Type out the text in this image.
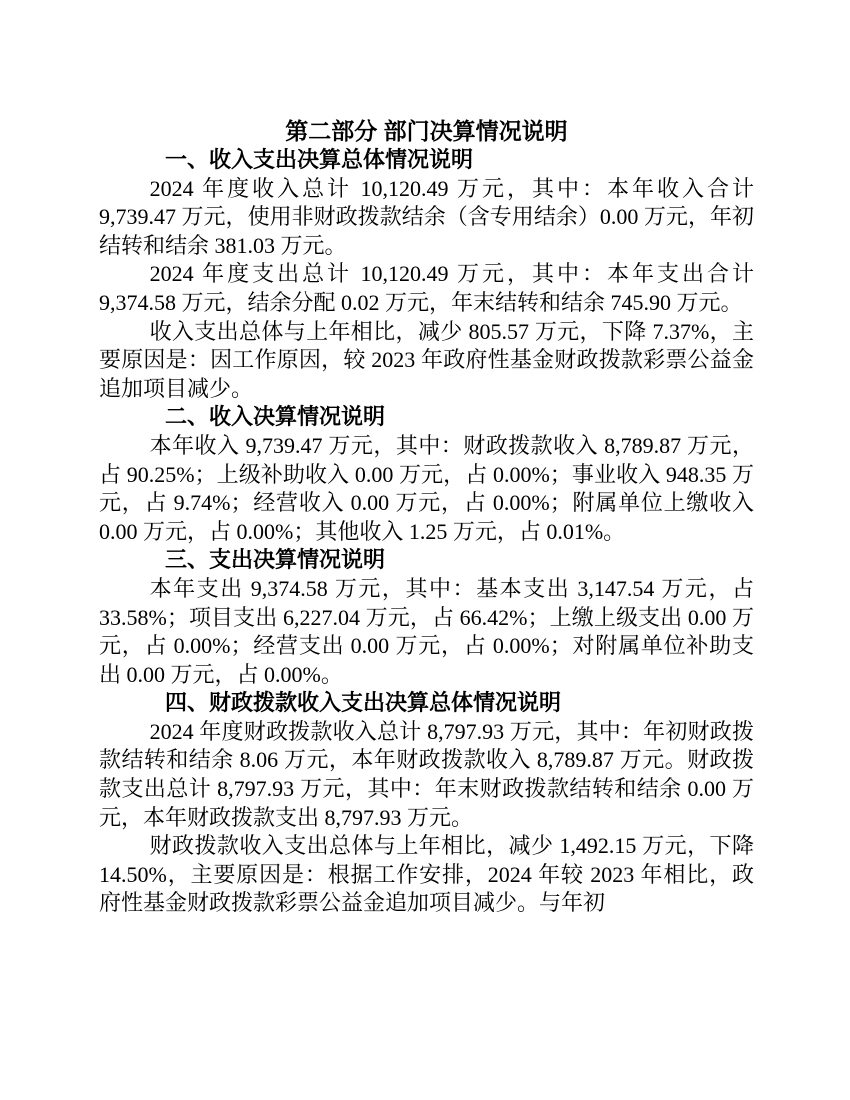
第二部分 部门决算情况说明
一、收入支出决算总体情况说明

2024 年度收入总计 10,120.49 万元，其中：本年收入合计 9,739.47 万元，使用非财政拨款结余（含专用结余）0.00 万元，年初结转和结余 381.03 万元。

2024 年度支出总计 10,120.49 万元，其中：本年支出合计 9,374.58 万元，结余分配 0.02 万元，年末结转和结余 745.90 万元。

收入支出总体与上年相比，减少 805.57 万元，下降 7.37%，主要原因是：因工作原因，较 2023 年政府性基金财政拨款彩票公益金追加项目减少。

二、收入决算情况说明

本年收入 9,739.47 万元，其中：财政拨款收入 8,789.87 万元，占 90.25%；上级补助收入 0.00 万元，占 0.00%；事业收入 948.35 万元，占 9.74%；经营收入 0.00 万元，占 0.00%；附属单位上缴收入 0.00 万元，占 0.00%；其他收入 1.25 万元，占 0.01%。

三、支出决算情况说明

本年支出 9,374.58 万元，其中：基本支出 3,147.54 万元，占 33.58%；项目支出 6,227.04 万元，占 66.42%；上缴上级支出 0.00 万元，占 0.00%；经营支出 0.00 万元，占 0.00%；对附属单位补助支出 0.00 万元，占 0.00%。

四、财政拨款收入支出决算总体情况说明

2024 年度财政拨款收入总计 8,797.93 万元，其中：年初财政拨款结转和结余 8.06 万元，本年财政拨款收入 8,789.87 万元。财政拨款支出总计 8,797.93 万元，其中：年末财政拨款结转和结余 0.00 万元，本年财政拨款支出 8,797.93 万元。

财政拨款收入支出总体与上年相比，减少 1,492.15 万元，下降 14.50%，主要原因是：根据工作安排，2024 年较 2023 年相比，政府性基金财政拨款彩票公益金追加项目减少。与年初
